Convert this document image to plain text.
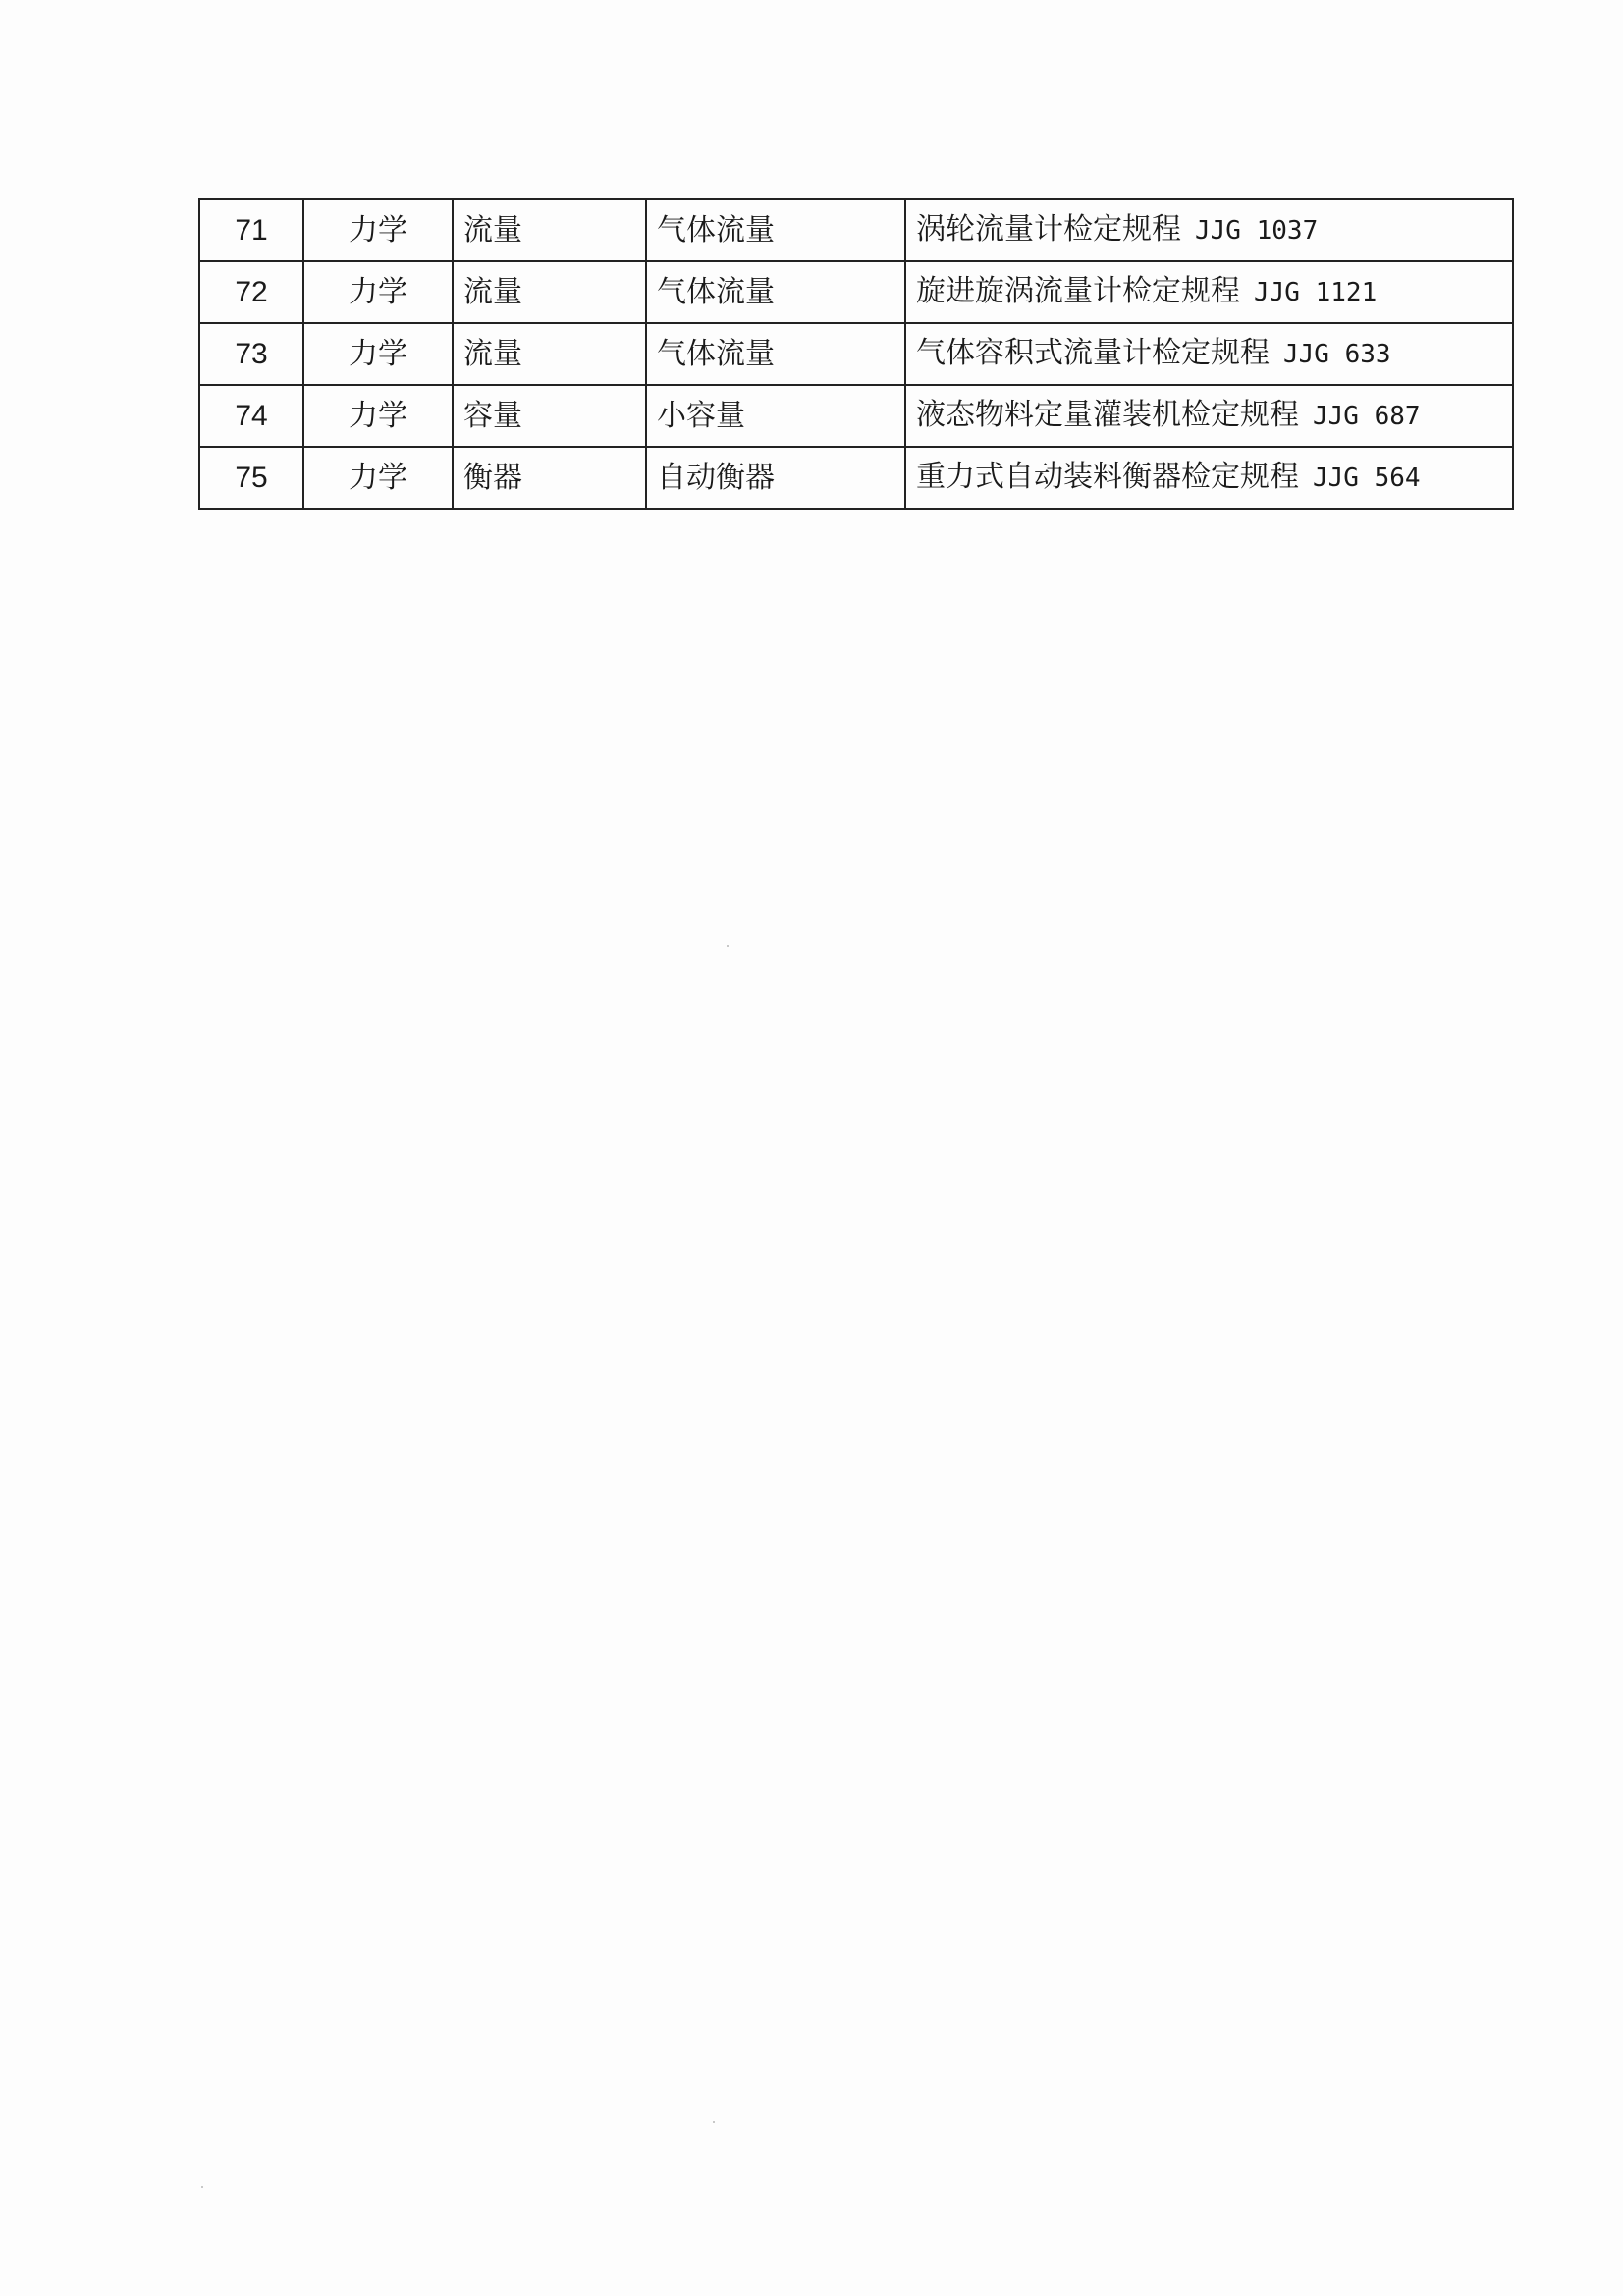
71	力学	流量	气体流量	涡轮流量计检定规程 JJG 1037
72	力学	流量	气体流量	旋进旋涡流量计检定规程 JJG 1121
73	力学	流量	气体流量	气体容积式流量计检定规程 JJG 633
74	力学	容量	小容量	液态物料定量灌装机检定规程 JJG 687
75	力学	衡器	自动衡器	重力式自动装料衡器检定规程 JJG 564
